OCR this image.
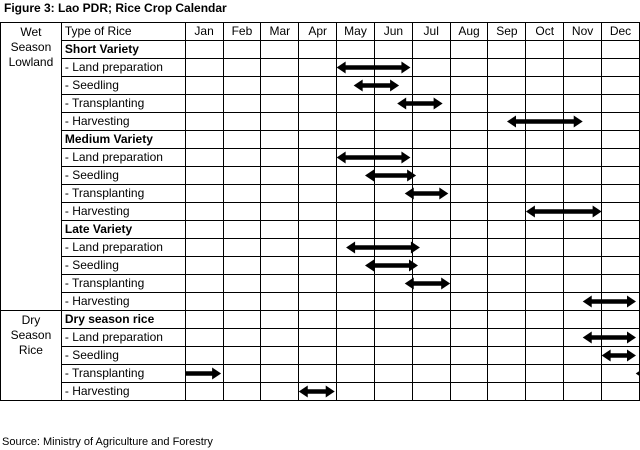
Figure 3: Lao PDR; Rice Crop Calendar
Wet Season Lowland	Type of Rice	Jan	Feb	Mar	Apr	May	Jun	Jul	Aug	Sep	Oct	Nov	Dec
	Short Variety												
	- Land preparation												
	- Seedling												
	- Transplanting												
	- Harvesting												
	Medium Variety												
	- Land preparation												
	- Seedling												
	- Transplanting												
	- Harvesting												
	Late Variety												
	- Land preparation												
	- Seedling												
	- Transplanting												
	- Harvesting												
Dry Season Rice	Dry season rice												
	- Land preparation												
	- Seedling												
	- Transplanting												
	- Harvesting												
Source: Ministry of Agriculture and Forestry
